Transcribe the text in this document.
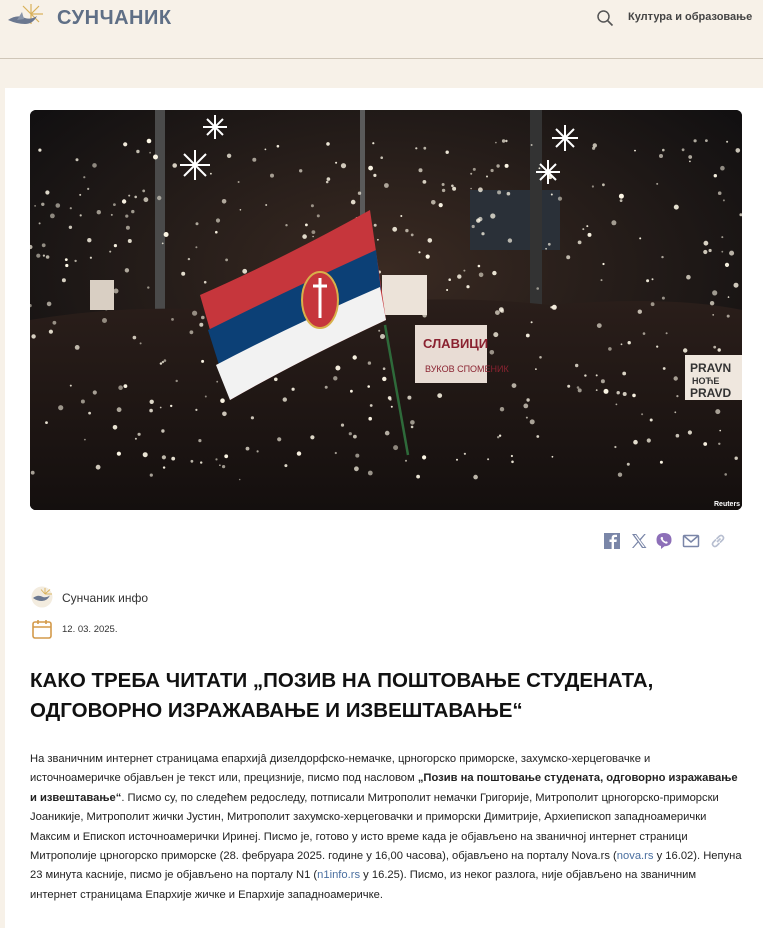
СУНЧАНИК	Култура и образовање
СЛАВИЦИ
ВУКОВ СПОМЕНИК	PRAVN
НОЋЕ
PRAVD
Reuters
Сунчаник инфо
12. 03. 2025.
КАКО ТРЕБА ЧИТАТИ „ПОЗИВ НА ПОШТОВАЊЕ СТУДЕНАТА, ОДГОВОРНО ИЗРАЖАВАЊЕ И ИЗВЕШТАВАЊЕ“

На званичним интернет страницама епархијâ дизелдорфско-немачке, црногорско приморске, захумско-херцеговачке и источноамеричке објављен је текст или, прецизније, писмо под насловом „Позив на поштовање студената, одговорно изражавање и извештавање“. Писмо су, по следећем редоследу, потписали Митрополит немачки Григорије, Митрополит црногорско-приморски Јоаникије, Митрополит жички Јустин, Митрополит захумско-херцеговачки и приморски Димитрије, Архиепископ западноамерички Максим и Епископ источноамерички Иринеј. Писмо је, готово у исто време када је објављено на званичној интернет страници Митрополије црногорско приморске (28. фебруара 2025. године у 16,00 часова), објављено на порталу Nova.rs (nova.rs у 16.02). Непуна 23 минута касније, писмо је објављено на порталу N1 (n1info.rs у 16.25). Писмо, из неког разлога, није објављено на званичним интернет страницама Епархије жичке и Епархије западноамеричке.
